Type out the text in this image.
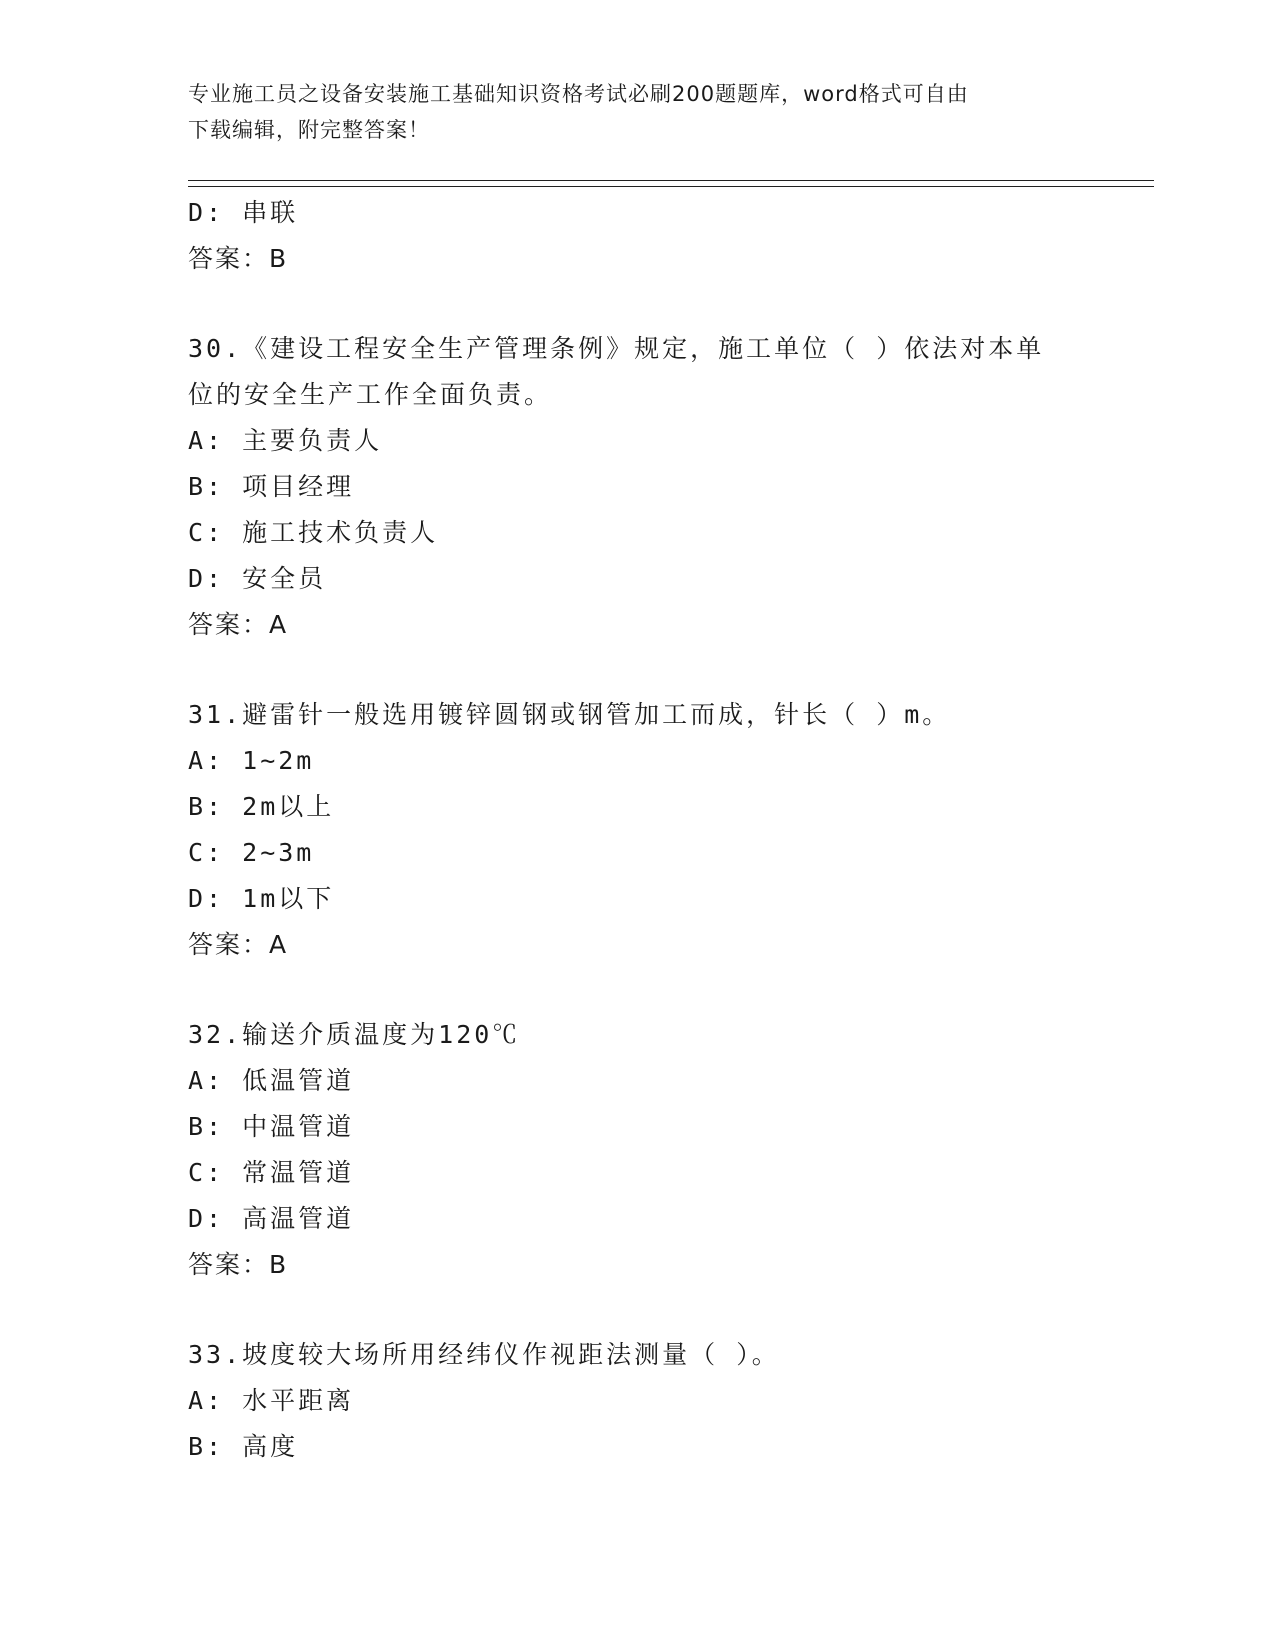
专业施工员之设备安装施工基础知识资格考试必刷200题题库，word格式可自由
下载编辑，附完整答案！
D: 串联
答案：B
30.《建设工程安全生产管理条例》规定，施工单位（ ）依法对本单
位的安全生产工作全面负责。
A: 主要负责人
B: 项目经理
C: 施工技术负责人
D: 安全员
答案：A
31.避雷针一般选用镀锌圆钢或钢管加工而成，针长（ ）m。
A: 1~2m
B: 2m以上
C: 2~3m
D: 1m以下
答案：A
32.输送介质温度为120℃
A: 低温管道
B: 中温管道
C: 常温管道
D: 高温管道
答案：B
33.坡度较大场所用经纬仪作视距法测量（ ）。
A: 水平距离
B: 高度
